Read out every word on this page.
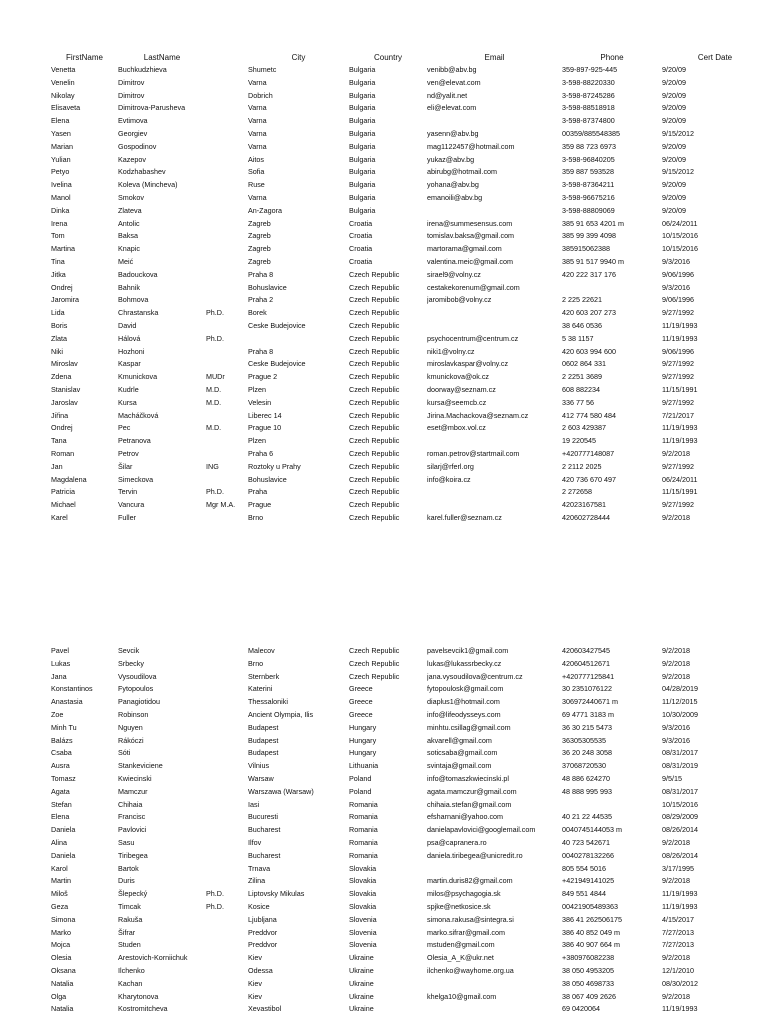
	FirstName	LastName		City	Country	Email	Phone	Cert Date
	Venetta	Buchkudzhieva		Shumetc	Bulgaria	venibb@abv.bg	359-897-925-445	9/20/09
	Venelin	Dimitrov		Varna	Bulgaria	ven@elevat.com	3-598-88220330	9/20/09
	Nikolay	Dimitrov		Dobrich	Bulgaria	nd@yalit.net	3-598-87245286	9/20/09
	Elisaveta	Dimitrova-Parusheva		Varna	Bulgaria	eli@elevat.com	3-598-88518918	9/20/09
	Elena	Evtimova		Varna	Bulgaria		3-598-87374800	9/20/09
	Yasen	Georgiev		Varna	Bulgaria	yasenn@abv.bg	00359/885548385	9/15/2012
	Marian	Gospodinov		Varna	Bulgaria	mag1122457@hotmail.com	359 88 723 6973	9/20/09
	Yulian	Kazepov		Aitos	Bulgaria	yukaz@abv.bg	3-598-96840205	9/20/09
	Petyo	Kodzhabashev		Sofia	Bulgaria	abirubg@hotmail.com	359 887 593528	9/15/2012
	Ivelina	Koleva (Mincheva)		Ruse	Bulgaria	yohana@abv.bg	3-598-87364211	9/20/09
	Manol	Smokov		Varna	Bulgaria	emanoili@abv.bg	3-598-96675216	9/20/09
	Dinka	Zlateva		An-Zagora	Bulgaria		3-598-88809069	9/20/09
	Irena	Antolic		Zagreb	Croatia	irena@summesensus.com	385 91 653 4201 m	06/24/2011
	Tom	Baksa		Zagreb	Croatia	tomislav.baksa@gmail.com	385 99 399 4098	10/15/2016
	Martina	Knapic		Zagreb	Croatia	martorama@gmail.com	385915062388	10/15/2016
	Tina	Meić		Zagreb	Croatia	valentina.meic@gmail.com	385 91 517 9940 m	9/3/2016
	Jitka	Badouckova		Praha 8	Czech Republic	sirael9@volny.cz	420 222 317 176	9/06/1996
	Ondrej	Bahnik		Bohuslavice	Czech Republic	cestakekorenum@gmail.com		9/3/2016
	Jaromira	Bohmova		Praha 2	Czech Republic	jaromibob@volny.cz	2 225 22621	9/06/1996
	Lida	Chrastanska	Ph.D.	Borek	Czech Republic		420 603 207 273	9/27/1992
	Boris	David		Ceske Budejovice	Czech Republic		38 646 0536	11/19/1993
	Zlata	Hálová	Ph.D.		Czech Republic	psychocentrum@centrum.cz	5 38 1157	11/19/1993
	Niki	Hozhoni		Praha 8	Czech Republic	niki1@volny.cz	420 603 994 600	9/06/1996
	Miroslav	Kaspar		Ceske Budejovice	Czech Republic	miroslavkaspar@volny.cz	0602 864 331	9/27/1992
	Zdena	Kmunickova	MUDr	Prague 2	Czech Republic	kmunickova@ok.cz	2 2251 3689	9/27/1992
	Stanislav	Kudrle	M.D.	Plzen	Czech Republic	doorway@seznam.cz	608 882234	11/15/1991
	Jaroslav	Kursa	M.D.	Velesin	Czech Republic	kursa@seemcb.cz	336 77 56	9/27/1992
	Jiřina	Macháčková		Liberec 14	Czech Republic	Jirina.Machackova@seznam.cz	412 774 580 484	7/21/2017
	Ondrej	Pec	M.D.	Prague 10	Czech Republic	eset@mbox.vol.cz	2 603 429387	11/19/1993
	Tana	Petranova		Plzen	Czech Republic		19 220545	11/19/1993
	Roman	Petrov		Praha 6	Czech Republic	roman.petrov@startmail.com	+420777148087	9/2/2018
	Jan	Šilar	ING	Roztoky u Prahy	Czech Republic	silarj@rferl.org	2 2112 2025	9/27/1992
	Magdalena	Simeckova		Bohuslavice	Czech Republic	info@koira.cz	420 736 670 497	06/24/2011
	Patricia	Tervin	Ph.D.	Praha	Czech Republic		2 272658	11/15/1991
	Michael	Vancura	Mgr M.A.	Prague	Czech Republic		42023167581	9/27/1992
	Karel	Fuller		Brno	Czech Republic	karel.fuller@seznam.cz	420602728444	9/2/2018
	Pavel	Sevcik		Malecov	Czech Republic	pavelsevcik1@gmail.com	420603427545	9/2/2018
	Lukas	Srbecky		Brno	Czech Republic	lukas@lukassrbecky.cz	420604512671	9/2/2018
	Jana	Vysoudilova		Sternberk	Czech Republic	jana.vysoudilova@centrum.cz	+420777125841	9/2/2018
	Konstantinos	Fytopoulos		Katerini	Greece	fytopoulosk@gmail.com	30 2351076122	04/28/2019
	Anastasia	Panagiotidou		Thessaloniki	Greece	diaplus1@hotmail.com	306972440671 m	11/12/2015
	Zoe	Robinson		Ancient Olympia, Ilis	Greece	info@lifeodysseys.com	69 4771 3183 m	10/30/2009
	Minh Tu	Nguyen		Budapest	Hungary	minhtu.csillag@gmail.com	36 30 215 5473	9/3/2016
	Balázs	Rákóczi		Budapest	Hungary	akvarell@gmail.com	36305305535	9/3/2016
	Csaba	Sóti		Budapest	Hungary	soticsaba@gmail.com	36 20 248 3058	08/31/2017
	Ausra	Stankeviciene		Vilnius	Lithuania	svintaja@gmail.com	37068720530	08/31/2019
	Tomasz	Kwiecinski		Warsaw	Poland	info@tomaszkwiecinski.pl	48 886 624270	9/5/15
	Agata	Mamczur		Warszawa (Warsaw)	Poland	agata.mamczur@gmail.com	48 888 995 993	08/31/2017
	Stefan	Chihaia		Iasi	Romania	chihaia.stefan@gmail.com		10/15/2016
	Elena	Francisc		Bucuresti	Romania	efsharnani@yahoo.com	40 21 22 44535	08/29/2009
	Daniela	Pavlovici		Bucharest	Romania	danielapavlovici@googlemail.com	0040745144053 m	08/26/2014
	Alina	Sasu		Ilfov	Romania	psa@capranera.ro	40 723 542671	9/2/2018
	Daniela	Tiribegea		Bucharest	Romania	daniela.tiribegea@unicredit.ro	0040278132266	08/26/2014
	Karol	Bartok		Trnava	Slovakia		805 554 5016	3/17/1995
	Martin	Duris		Zilina	Slovakia	martin.duris82@gmail.com	+421949141025	9/2/2018
	Miloš	Šlepecký	Ph.D.	Liptovsky Mikulas	Slovakia	milos@psychagogia.sk	849 551 4844	11/19/1993
	Geza	Timcak	Ph.D.	Kosice	Slovakia	spjke@netkosice.sk	00421905489363	11/19/1993
	Simona	Rakuša		Ljubljana	Slovenia	simona.rakusa@sintegra.si	386 41 262506175	4/15/2017
	Marko	Šifrar		Preddvor	Slovenia	marko.sifrar@gmail.com	386 40 852 049 m	7/27/2013
	Mojca	Studen		Preddvor	Slovenia	mstuden@gmail.com	386 40 907 664 m	7/27/2013
	Olesia	Arestovich-Korniichuk		Kiev	Ukraine	Olesia_A_K@ukr.net	+380976082238	9/2/2018
	Oksana	Ilchenko		Odessa	Ukraine	ilchenko@wayhome.org.ua	38 050 4953205	12/1/2010
	Natalia	Kachan		Kiev	Ukraine		38 050 4698733	08/30/2012
	Olga	Kharytonova		Kiev	Ukraine	khelga10@gmail.com	38 067 409 2626	9/2/2018
	Natalia	Kostromitcheva		Xevastibol	Ukraine		69 0420064	11/19/1993
